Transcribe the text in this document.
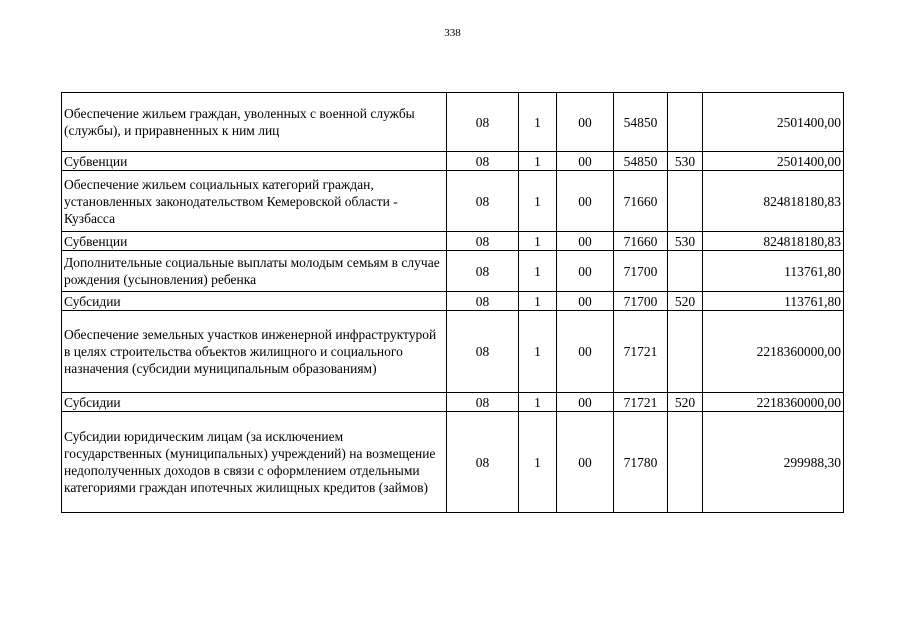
338
Обеспечение жильем граждан, уволенных с военной службы (службы), и приравненных к ним лиц	08	1	00	54850		2501400,00
Субвенции	08	1	00	54850	530	2501400,00
Обеспечение жильем социальных категорий граждан, установленных законодательством Кемеровской области - Кузбасса	08	1	00	71660		824818180,83
Субвенции	08	1	00	71660	530	824818180,83
Дополнительные социальные выплаты молодым семьям в случае рождения (усыновления) ребенка	08	1	00	71700		113761,80
Субсидии	08	1	00	71700	520	113761,80
Обеспечение земельных участков инженерной инфраструктурой в целях строительства объектов жилищного и социального назначения (субсидии муниципальным образованиям)	08	1	00	71721		2218360000,00
Субсидии	08	1	00	71721	520	2218360000,00
Субсидии юридическим лицам (за исключением государственных (муниципальных) учреждений) на возмещение недополученных доходов в связи с оформлением отдельными категориями граждан ипотечных жилищных кредитов (займов)	08	1	00	71780		299988,30
